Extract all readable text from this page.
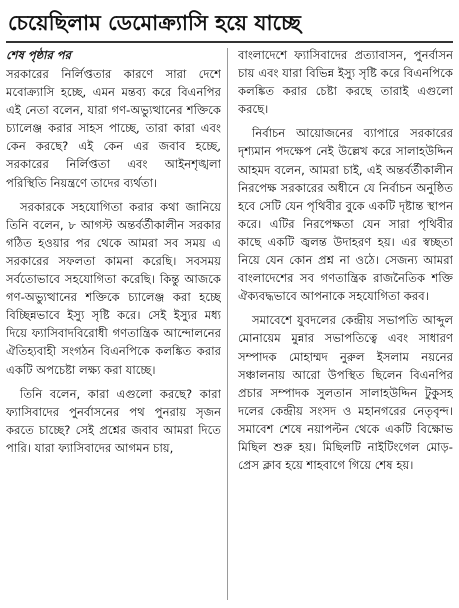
চেয়েছিলাম ডেমোক্র্যাসি হয়ে যাচ্ছে
শেষ পৃষ্ঠার পর

সরকারের নির্লিপ্ততার কারণে সারা দেশে মবোক্র্যাসি হচ্ছে, এমন মন্তব্য করে বিএনপির এই নেতা বলেন, যারা গণ-অভ্যুত্থানের শক্তিকে চ্যালেঞ্জ করার সাহস পাচ্ছে, তারা কারা এবং কেন করছে? এই কেন এর জবাব হচ্ছে, সরকারের নির্লিপ্ততা এবং আইনশৃঙ্খলা পরিস্থিতি নিয়ন্ত্রণে তাদের ব্যর্থতা।

সরকারকে সহযোগিতা করার কথা জানিয়ে তিনি বলেন, ৮ আগস্ট অন্তর্বর্তীকালীন সরকার গঠিত হওয়ার পর থেকে আমরা সব সময় এ সরকারের সফলতা কামনা করেছি। সবসময় সর্বতোভাবে সহযোগিতা করেছি। কিন্তু আজকে গণ-অভ্যুত্থানের শক্তিকে চ্যালেঞ্জ করা হচ্ছে বিচ্ছিন্নভাবে ইস্যু সৃষ্টি করে। সেই ইস্যুর মধ্য দিয়ে ফ্যাসিবাদবিরোধী গণতান্ত্রিক আন্দোলনের ঐতিহ্যবাহী সংগঠন বিএনপিকে কলঙ্কিত করার একটি অপচেষ্টা লক্ষ্য করা যাচ্ছে।

তিনি বলেন, কারা এগুলো করছে? কারা ফ্যাসিবাদের পুনর্বাসনের পথ পুনরায় সৃজন করতে চাচ্ছে? সেই প্রশ্নের জবাব আমরা দিতে পারি। যারা ফ্যাসিবাদের আগমন চায়,

বাংলাদেশে ফ্যাসিবাদের প্রত্যাবাসন, পুনর্বাসন চায় এবং যারা বিভিন্ন ইস্যু সৃষ্টি করে বিএনপিকে কলঙ্কিত করার চেষ্টা করছে তারাই এগুলো করছে।

নির্বাচন আয়োজনের ব্যাপারে সরকারের দৃশ্যমান পদক্ষেপ নেই উল্লেখ করে সালাহউদ্দিন আহমদ বলেন, আমরা চাই, এই অন্তর্বর্তীকালীন নিরপেক্ষ সরকারের অধীনে যে নির্বাচন অনুষ্ঠিত হবে সেটি যেন পৃথিবীর বুকে একটি দৃষ্টান্ত স্থাপন করে। এটির নিরপেক্ষতা যেন সারা পৃথিবীর কাছে একটি জ্বলন্ত উদাহরণ হয়। এর স্বচ্ছতা নিয়ে যেন কোন প্রশ্ন না ওঠে। সেজন্য আমরা বাংলাদেশের সব গণতান্ত্রিক রাজনৈতিক শক্তি ঐক্যবদ্ধভাবে আপনাকে সহযোগিতা করব।

সমাবেশে যুবদলের কেন্দ্রীয় সভাপতি আব্দুল মোনায়েম মুন্নার সভাপতিত্বে এবং সাধারণ সম্পাদক মোহাম্মদ নুরুল ইসলাম নয়নের সঞ্চালনায় আরো উপস্থিত ছিলেন বিএনপির প্রচার সম্পাদক সুলতান সালাহউদ্দিন টুকুসহ দলের কেন্দ্রীয় সংসদ ও মহানগরের নেতৃবৃন্দ। সমাবেশ শেষে নয়াপল্টন থেকে একটি বিক্ষোভ মিছিল শুরু হয়। মিছিলটি নাইটিংগেল মোড়-প্রেস ক্লাব হয়ে শাহবাগে গিয়ে শেষ হয়।
